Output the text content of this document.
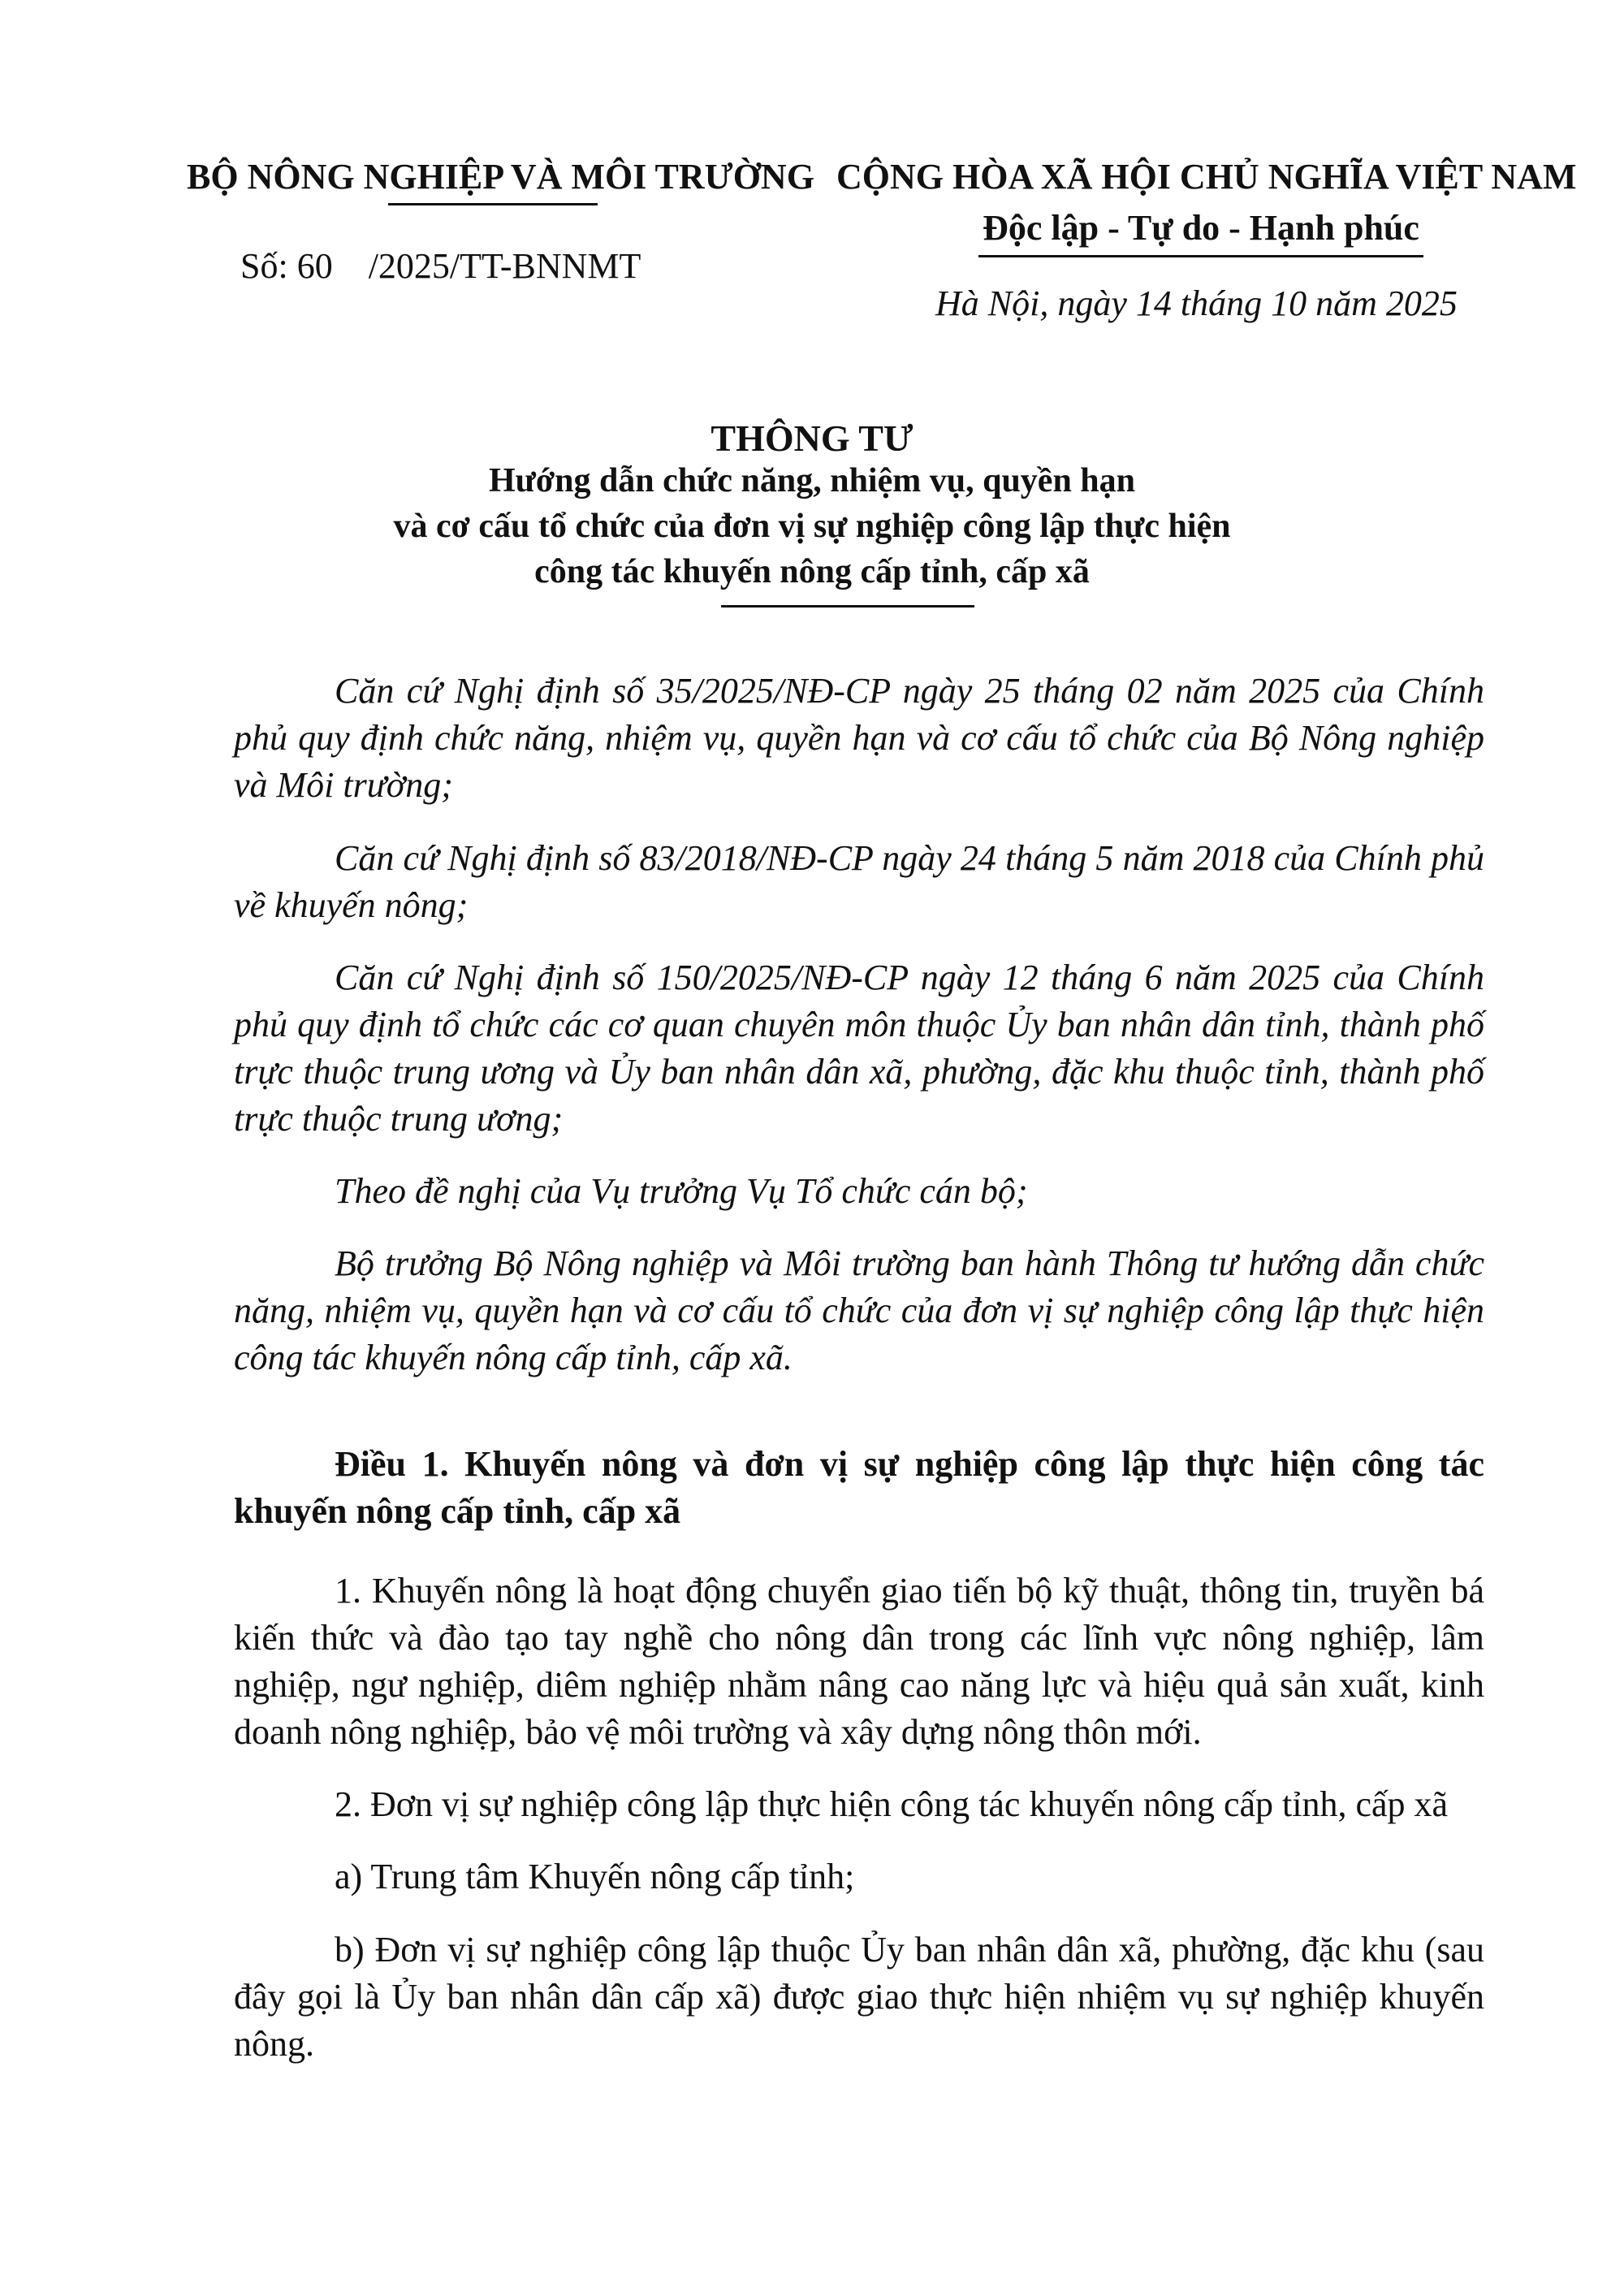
BỘ NÔNG NGHIỆP VÀ MÔI TRƯỜNG
Số: 60 /2025/TT-BNNMT
CỘNG HÒA XÃ HỘI CHỦ NGHĨA VIỆT NAM
Độc lập - Tự do - Hạnh phúc
Hà Nội, ngày 14 tháng 10 năm 2025
THÔNG TƯ
Hướng dẫn chức năng, nhiệm vụ, quyền hạn
và cơ cấu tổ chức của đơn vị sự nghiệp công lập thực hiện
công tác khuyến nông cấp tỉnh, cấp xã

Căn cứ Nghị định số 35/2025/NĐ-CP ngày 25 tháng 02 năm 2025 của Chính phủ quy định chức năng, nhiệm vụ, quyền hạn và cơ cấu tổ chức của Bộ Nông nghiệp và Môi trường;

Căn cứ Nghị định số 83/2018/NĐ-CP ngày 24 tháng 5 năm 2018 của Chính phủ về khuyến nông;

Căn cứ Nghị định số 150/2025/NĐ-CP ngày 12 tháng 6 năm 2025 của Chính phủ quy định tổ chức các cơ quan chuyên môn thuộc Ủy ban nhân dân tỉnh, thành phố trực thuộc trung ương và Ủy ban nhân dân xã, phường, đặc khu thuộc tỉnh, thành phố trực thuộc trung ương;

Theo đề nghị của Vụ trưởng Vụ Tổ chức cán bộ;

Bộ trưởng Bộ Nông nghiệp và Môi trường ban hành Thông tư hướng dẫn chức năng, nhiệm vụ, quyền hạn và cơ cấu tổ chức của đơn vị sự nghiệp công lập thực hiện công tác khuyến nông cấp tỉnh, cấp xã.

Điều 1. Khuyến nông và đơn vị sự nghiệp công lập thực hiện công tác khuyến nông cấp tỉnh, cấp xã

1. Khuyến nông là hoạt động chuyển giao tiến bộ kỹ thuật, thông tin, truyền bá kiến thức và đào tạo tay nghề cho nông dân trong các lĩnh vực nông nghiệp, lâm nghiệp, ngư nghiệp, diêm nghiệp nhằm nâng cao năng lực và hiệu quả sản xuất, kinh doanh nông nghiệp, bảo vệ môi trường và xây dựng nông thôn mới.

2. Đơn vị sự nghiệp công lập thực hiện công tác khuyến nông cấp tỉnh, cấp xã

a) Trung tâm Khuyến nông cấp tỉnh;

b) Đơn vị sự nghiệp công lập thuộc Ủy ban nhân dân xã, phường, đặc khu (sau đây gọi là Ủy ban nhân dân cấp xã) được giao thực hiện nhiệm vụ sự nghiệp khuyến nông.
